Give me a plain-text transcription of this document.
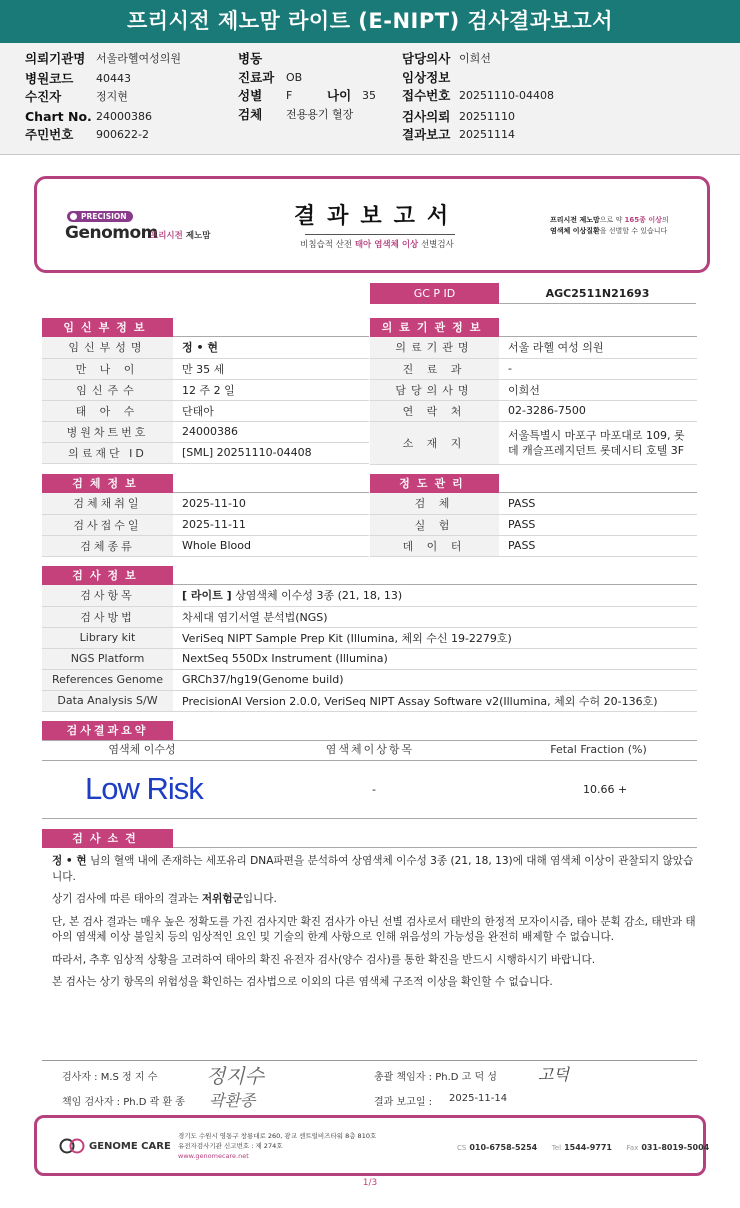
프리시전 제노맘 라이트 (E-NIPT) 검사결과보고서
의뢰기관명 서울라헬여성의원
병원코드 40443
수진자	정지현
Chart No. 24000386
주민번호 900622-2
병동
진료과 OB
성별 F	나이 35
검체 전용용기 혈장
담당의사 이희선
임상정보
접수번호 20251110-04408
검사의뢰 20251110
결과보고 20251114
PRECISION
Genomom
프리시전 제노맘
결과보고서
비침습적 산전 태아 염색체 이상 선별검사
프리시전 제노맘으로 약 165종 이상의
염색체 이상질환을 선별할 수 있습니다
GC P ID	AGC2511N21693
임신부정보	의료기관정보
임신부성명	정 • 현
만 나 이	만 35 세
임신주수	12 주 2 일
태 아 수	단태아
병원차트번호	24000386
의료재단 ID	[SML] 20251110-04408
의료기관명	서울 라헬 여성 의원
진 료 과	-
담당의사명	이희선
연 락 처	02-3286-7500
소 재 지	서울특별시 마포구 마포대로 109, 롯데 캐슬프레지던트 롯데시티 호텔 3F
검체정보	정도관리
검체채취일	2025-11-10
검사접수일	2025-11-11
검체종류	Whole Blood
검 체	PASS
실 험	PASS
데 이 터	PASS
검사정보
검사항목	[ 라이트 ] 상염색체 이수성 3종 (21, 18, 13)
검사방법	차세대 염기서열 분석법(NGS)
Library kit	VeriSeq NIPT Sample Prep Kit (Illumina, 체외 수신 19-2279호)
NGS Platform	NextSeq 550Dx Instrument (Illumina)
References Genome	GRCh37/hg19(Genome build)
Data Analysis S/W	PrecisionAI Version 2.0.0, VeriSeq NIPT Assay Software v2(Illumina, 체외 수허 20-136호)
검사결과요약
염색체 이수성	염색체이상항목	Fetal Fraction (%)
Low Risk	-	10.66 +
검사소견

정 • 현 님의 혈액 내에 존재하는 세포유리 DNA파편을 분석하여 상염색체 이수성 3종 (21, 18, 13)에 대해 염색체 이상이 관찰되지 않았습니다.

상기 검사에 따른 태아의 결과는 저위험군입니다.

단, 본 검사 결과는 매우 높은 정확도를 가진 검사지만 확진 검사가 아닌 선별 검사로서 태반의 한정적 모자이시즘, 태아 분획 감소, 태반과 태아의 염색체 이상 불일치 등의 임상적인 요인 및 기술의 한계 사항으로 인해 위음성의 가능성을 완전히 배제할 수 없습니다.

따라서, 추후 임상적 상황을 고려하여 태아의 확진 유전자 검사(양수 검사)를 통한 확진을 반드시 시행하시기 바랍니다.

본 검사는 상기 항목의 위험성을 확인하는 검사법으로 이외의 다른 염색체 구조적 이상을 확인할 수 없습니다.

검사자 : M.S 정 지 수 정지수	총괄 책임자 : Ph.D 고 덕 성	고덕
책임 검사자 : Ph.D 곽 환 종 곽환종	결과 보고일 : 2025-11-14
GENOME CARE
경기도 수원시 영통구 창룡대로 260, 광교 센트럴비즈타워 8층 810호
유전자검사기관 신고번호 : 제 274호
www.genomecare.net
CS 010-6758-5254 Tel 1544-9771 Fax 031-8019-5004
1/3
